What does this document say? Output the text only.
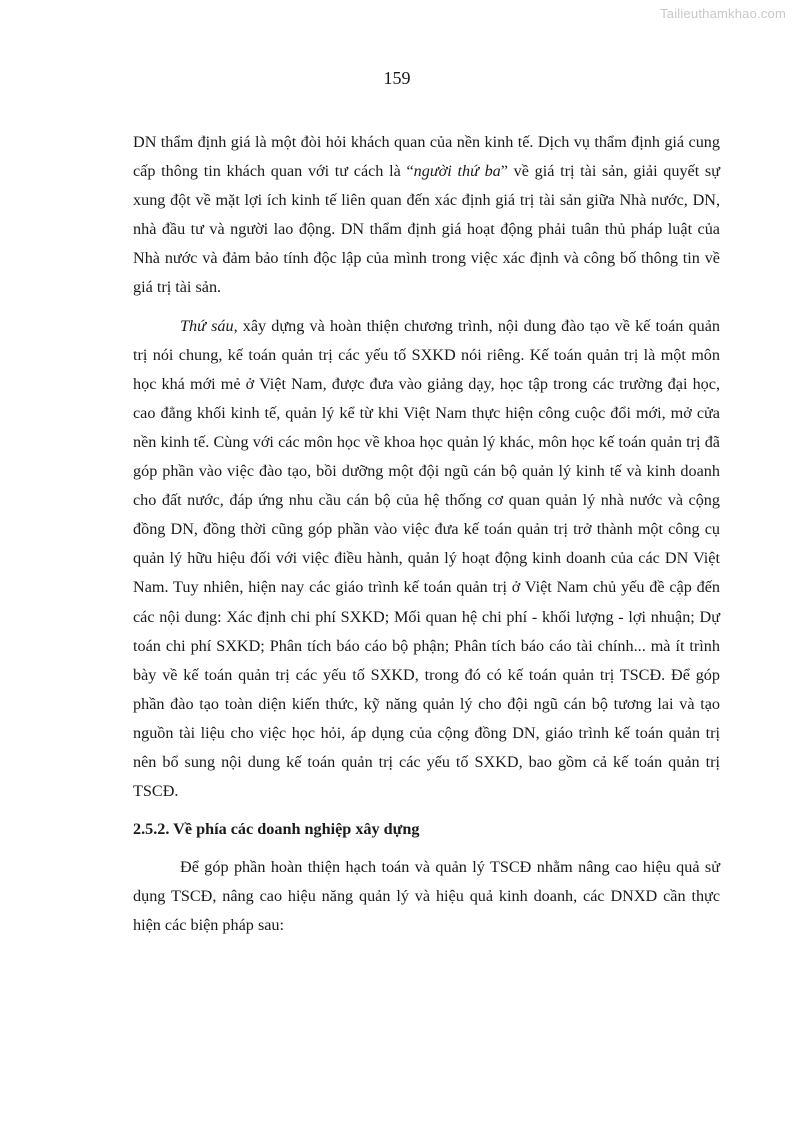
Tailieuthamkhao.com
159

DN thẩm định giá là một đòi hỏi khách quan của nền kinh tế. Dịch vụ thẩm định giá cung cấp thông tin khách quan với tư cách là “người thứ ba” về giá trị tài sản, giải quyết sự xung đột về mặt lợi ích kinh tế liên quan đến xác định giá trị tài sản giữa Nhà nước, DN, nhà đầu tư và người lao động. DN thẩm định giá hoạt động phải tuân thủ pháp luật của Nhà nước và đảm bảo tính độc lập của mình trong việc xác định và công bố thông tin về giá trị tài sản.

Thứ sáu, xây dựng và hoàn thiện chương trình, nội dung đào tạo về kế toán quản trị nói chung, kế toán quản trị các yếu tố SXKD nói riêng. Kế toán quản trị là một môn học khá mới mẻ ở Việt Nam, được đưa vào giảng dạy, học tập trong các trường đại học, cao đẳng khối kinh tế, quản lý kể từ khi Việt Nam thực hiện công cuộc đổi mới, mở cửa nền kinh tế. Cùng với các môn học về khoa học quản lý khác, môn học kế toán quản trị đã góp phần vào việc đào tạo, bồi dưỡng một đội ngũ cán bộ quản lý kinh tế và kinh doanh cho đất nước, đáp ứng nhu cầu cán bộ của hệ thống cơ quan quản lý nhà nước và cộng đồng DN, đồng thời cũng góp phần vào việc đưa kế toán quản trị trở thành một công cụ quản lý hữu hiệu đối với việc điều hành, quản lý hoạt động kinh doanh của các DN Việt Nam. Tuy nhiên, hiện nay các giáo trình kế toán quản trị ở Việt Nam chủ yếu đề cập đến các nội dung: Xác định chi phí SXKD; Mối quan hệ chi phí - khối lượng - lợi nhuận; Dự toán chi phí SXKD; Phân tích báo cáo bộ phận; Phân tích báo cáo tài chính... mà ít trình bày về kế toán quản trị các yếu tố SXKD, trong đó có kế toán quản trị TSCĐ. Để góp phần đào tạo toàn diện kiến thức, kỹ năng quản lý cho đội ngũ cán bộ tương lai và tạo nguồn tài liệu cho việc học hỏi, áp dụng của cộng đồng DN, giáo trình kế toán quản trị nên bổ sung nội dung kế toán quản trị các yếu tố SXKD, bao gồm cả kế toán quản trị TSCĐ.

2.5.2. Về phía các doanh nghiệp xây dựng

Để góp phần hoàn thiện hạch toán và quản lý TSCĐ nhằm nâng cao hiệu quả sử dụng TSCĐ, nâng cao hiệu năng quản lý và hiệu quả kinh doanh, các DNXD cần thực hiện các biện pháp sau:
